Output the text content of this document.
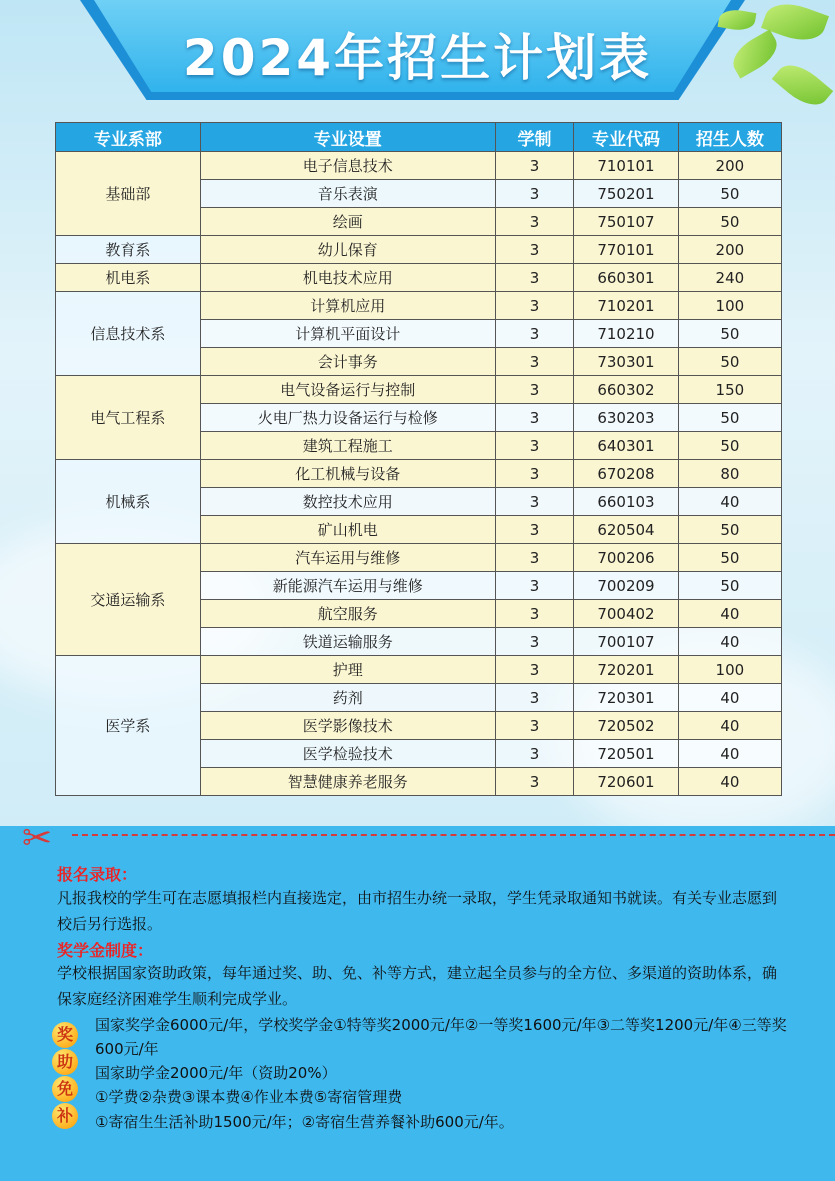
2024年招生计划表
专业系部	专业设置	学制	专业代码	招生人数
基础部	电子信息技术	3	710101	200
	音乐表演	3	750201	50
	绘画	3	750107	50
教育系	幼儿保育	3	770101	200
机电系	机电技术应用	3	660301	240
信息技术系	计算机应用	3	710201	100
	计算机平面设计	3	710210	50
	会计事务	3	730301	50
电气工程系	电气设备运行与控制	3	660302	150
	火电厂热力设备运行与检修	3	630203	50
	建筑工程施工	3	640301	50
机械系	化工机械与设备	3	670208	80
	数控技术应用	3	660103	40
	矿山机电	3	620504	50
交通运输系	汽车运用与维修	3	700206	50
	新能源汽车运用与维修	3	700209	50
	航空服务	3	700402	40
	铁道运输服务	3	700107	40
医学系	护理	3	720201	100
	药剂	3	720301	40
	医学影像技术	3	720502	40
	医学检验技术	3	720501	40
	智慧健康养老服务	3	720601	40
✂
报名录取：
凡报我校的学生可在志愿填报栏内直接选定，由市招生办统一录取，学生凭录取通知书就读。有关专业志愿到校后另行选报。
奖学金制度：
学校根据国家资助政策，每年通过奖、助、免、补等方式，建立起全员参与的全方位、多渠道的资助体系，确保家庭经济困难学生顺利完成学业。
奖
助
免
补
国家奖学金6000元/年，学校奖学金①特等奖2000元/年②一等奖1600元/年③二等奖1200元/年④三等奖600元/年
国家助学金2000元/年（资助20%）
①学费②杂费③课本费④作业本费⑤寄宿管理费
①寄宿生生活补助1500元/年；②寄宿生营养餐补助600元/年。
